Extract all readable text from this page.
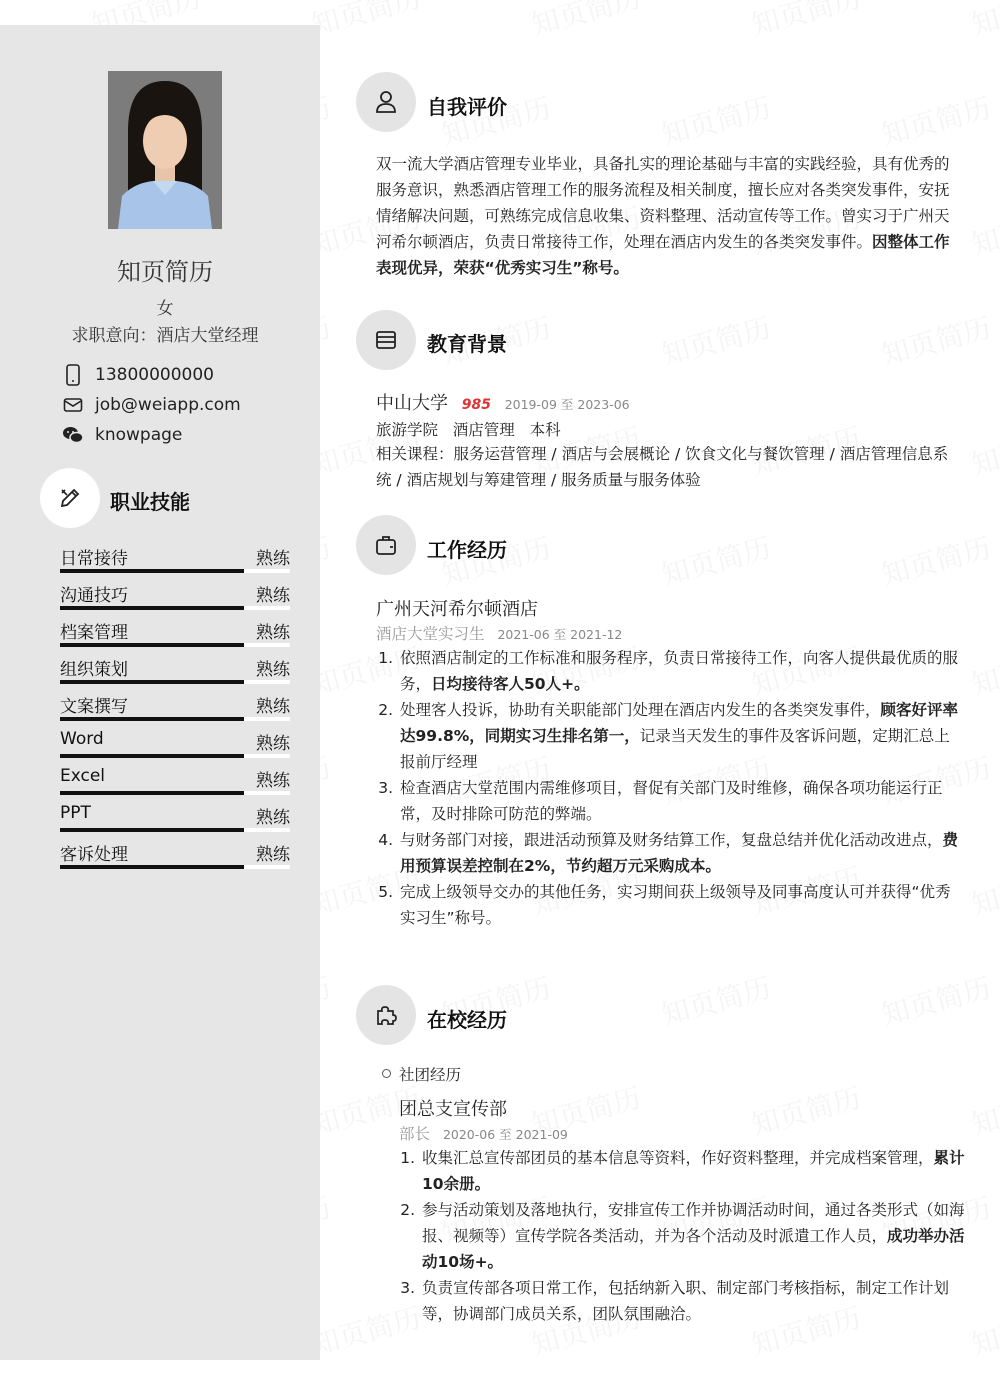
知页简历
女
求职意向：酒店大堂经理
13800000000
job@weiapp.com
knowpage
职业技能
日常接待	熟练
沟通技巧	熟练
档案管理	熟练
组织策划	熟练
文案撰写	熟练
Word	熟练
Excel	熟练
PPT	熟练
客诉处理	熟练
自我评价
双一流大学酒店管理专业毕业，具备扎实的理论基础与丰富的实践经验，具有优秀的服务意识，熟悉酒店管理工作的服务流程及相关制度，擅长应对各类突发事件，安抚情绪解决问题，可熟练完成信息收集、资料整理、活动宣传等工作。曾实习于广州天河希尔顿酒店，负责日常接待工作，处理在酒店内发生的各类突发事件。因整体工作表现优异，荣获“优秀实习生”称号。
教育背景
中山大学 985 2019-09 至 2023-06
旅游学院   酒店管理   本科
相关课程：服务运营管理 / 酒店与会展概论 / 饮食文化与餐饮管理 / 酒店管理信息系统 / 酒店规划与筹建管理 / 服务质量与服务体验
工作经历
广州天河希尔顿酒店
酒店大堂实习生 2021-06 至 2021-12
1. 依照酒店制定的工作标准和服务程序，负责日常接待工作，向客人提供最优质的服务，日均接待客人50人+。
2. 处理客人投诉，协助有关职能部门处理在酒店内发生的各类突发事件，顾客好评率达99.8%，同期实习生排名第一，记录当天发生的事件及客诉问题，定期汇总上报前厅经理
3. 检查酒店大堂范围内需维修项目，督促有关部门及时维修，确保各项功能运行正常，及时排除可防范的弊端。
4. 与财务部门对接，跟进活动预算及财务结算工作，复盘总结并优化活动改进点，费用预算误差控制在2%，节约超万元采购成本。
5. 完成上级领导交办的其他任务，实习期间获上级领导及同事高度认可并获得“优秀实习生”称号。
在校经历
社团经历
团总支宣传部
部长 2020-06 至 2021-09
1. 收集汇总宣传部团员的基本信息等资料，作好资料整理，并完成档案管理，累计10余册。
2. 参与活动策划及落地执行，安排宣传工作并协调活动时间，通过各类形式（如海报、视频等）宣传学院各类活动，并为各个活动及时派遣工作人员，成功举办活动10场+。
3. 负责宣传部各项日常工作，包括纳新入职、制定部门考核指标，制定工作计划等，协调部门成员关系，团队氛围融洽。
